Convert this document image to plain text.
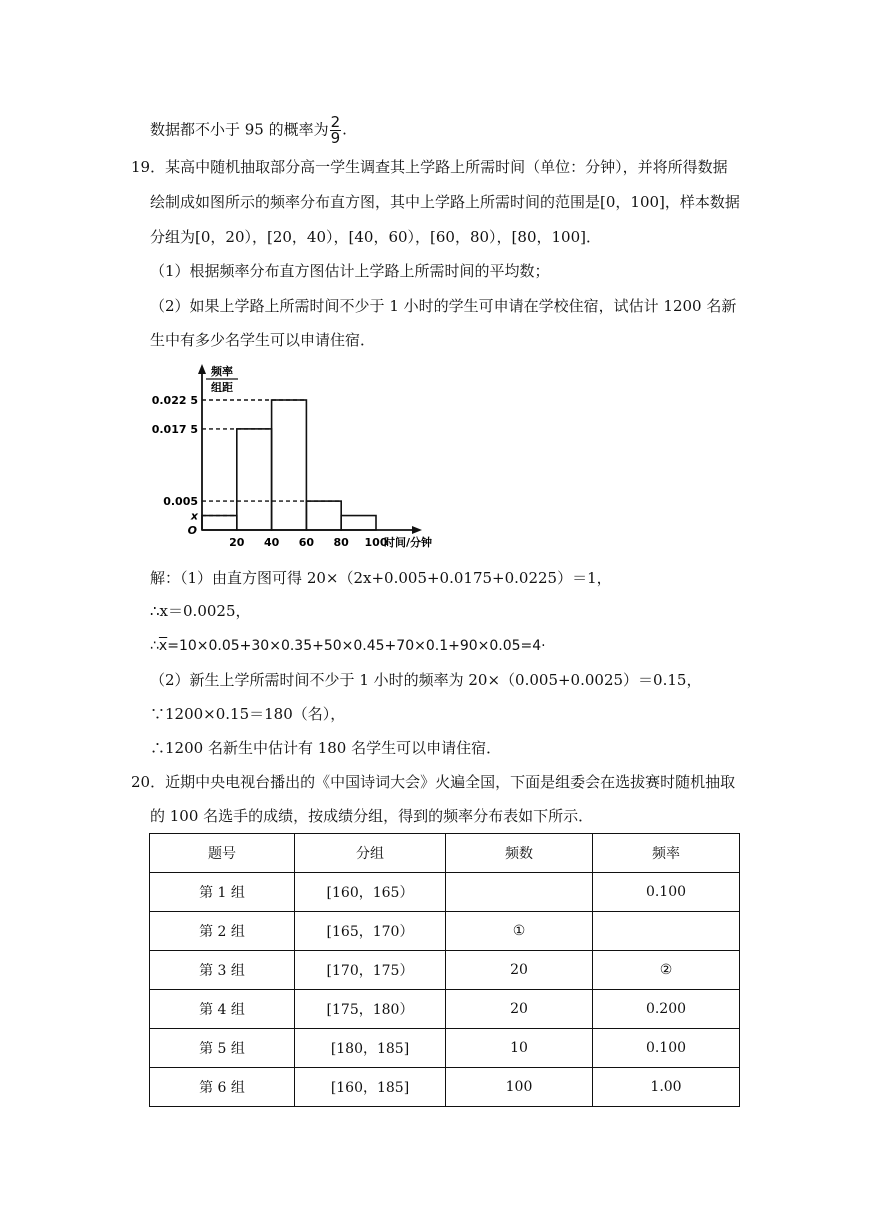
数据都不小于 95 的概率为 $\frac{2}{9}$ .
19．某高中随机抽取部分高一学生调查其上学路上所需时间（单位：分钟），并将所得数据
绘制成如图所示的频率分布直方图，其中上学路上所需时间的范围是[0，100]，样本数据
分组为[0，20），[20，40），[40，60），[60，80），[80，100]．
（1）根据频率分布直方图估计上学路上所需时间的平均数；
（2）如果上学路上所需时间不少于 1 小时的学生可申请在学校住宿，试估计 1200 名新
生中有多少名学生可以申请住宿．
0.022 5
0.017 5
0.005
x
O
20 40 60 80 100
时间/分钟
频率
组距
解：（1）由直方图可得 20×（2x+0.005+0.0175+0.0225）＝1，
∴x＝0.0025，
$\therefore\overline{x}=10\times 0.05+30\times 0.35+50\times 0.45+70\times 0.1+90\times 0.05=4\cdot$
（2）新生上学所需时间不少于 1 小时的频率为 20×（0.005+0.0025）＝0.15，
∵1200×0.15＝180（名），
∴1200 名新生中估计有 180 名学生可以申请住宿．
20．近期中央电视台播出的《中国诗词大会》火遍全国，下面是组委会在选拔赛时随机抽取
的 100 名选手的成绩，按成绩分组，得到的频率分布表如下所示．
题号	分组	频数	频率
第 1 组	[160，165）		0.100
第 2 组	[165，170）	①	
第 3 组	[170，175）	20	②
第 4 组	[175，180）	20	0.200
第 5 组	[180，185]	10	0.100
第 6 组	[160，185]	100	1.00
